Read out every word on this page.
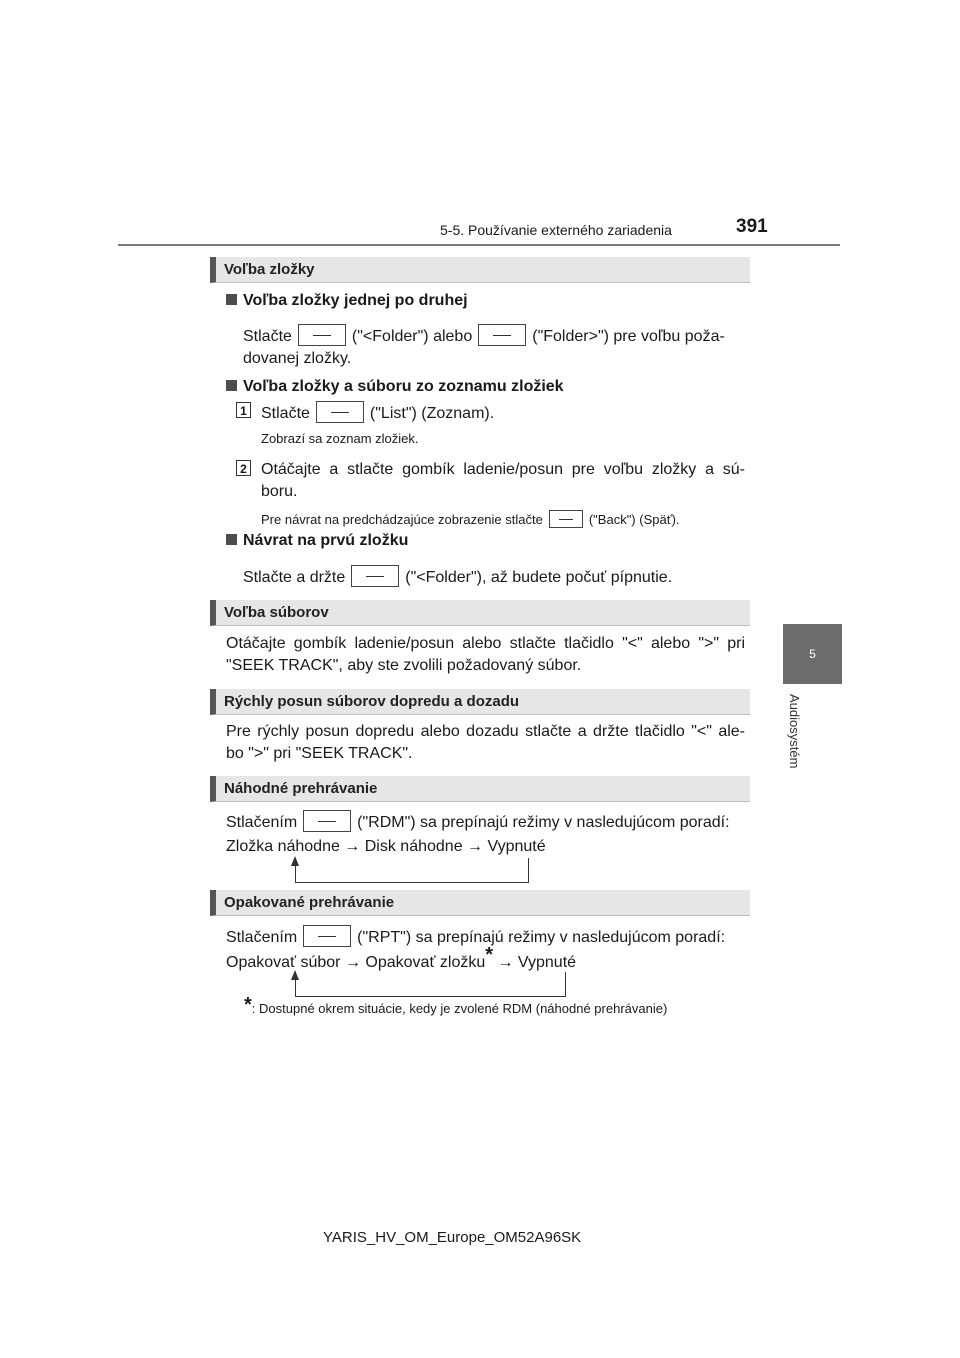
5-5. Používanie externého zariadenia	391
5
Audiosystém
Voľba zložky
Voľba zložky jednej po druhej
Stlačte	("<Folder") alebo	("Folder>") pre voľbu poža-
dovanej zložky.
Voľba zložky a súboru zo zoznamu zložiek
1 Stlačte	("List") (Zoznam).
Zobrazí sa zoznam zložiek.
2 Otáčajte a stlačte gombík ladenie/posun pre voľbu zložky a sú-
boru.
Pre návrat na predchádzajúce zobrazenie stlačte	("Back") (Späť).
Návrat na prvú zložku
Stlačte a držte	("<Folder"), až budete počuť pípnutie.
Voľba súborov
Otáčajte gombík ladenie/posun alebo stlačte tlačidlo "<" alebo ">" pri
"SEEK TRACK", aby ste zvolili požadovaný súbor.
Rýchly posun súborov dopredu a dozadu
Pre rýchly posun dopredu alebo dozadu stlačte a držte tlačidlo "<" ale-
bo ">" pri "SEEK TRACK".
Náhodné prehrávanie
Stlačením	("RDM") sa prepínajú režimy v nasledujúcom poradí:
Zložka náhodne → Disk náhodne → Vypnuté
Opakované prehrávanie
Stlačením	("RPT") sa prepínajú režimy v nasledujúcom poradí:
Opakovať súbor → Opakovať zložku* → Vypnuté
*: Dostupné okrem situácie, kedy je zvolené RDM (náhodné prehrávanie)
YARIS_HV_OM_Europe_OM52A96SK
